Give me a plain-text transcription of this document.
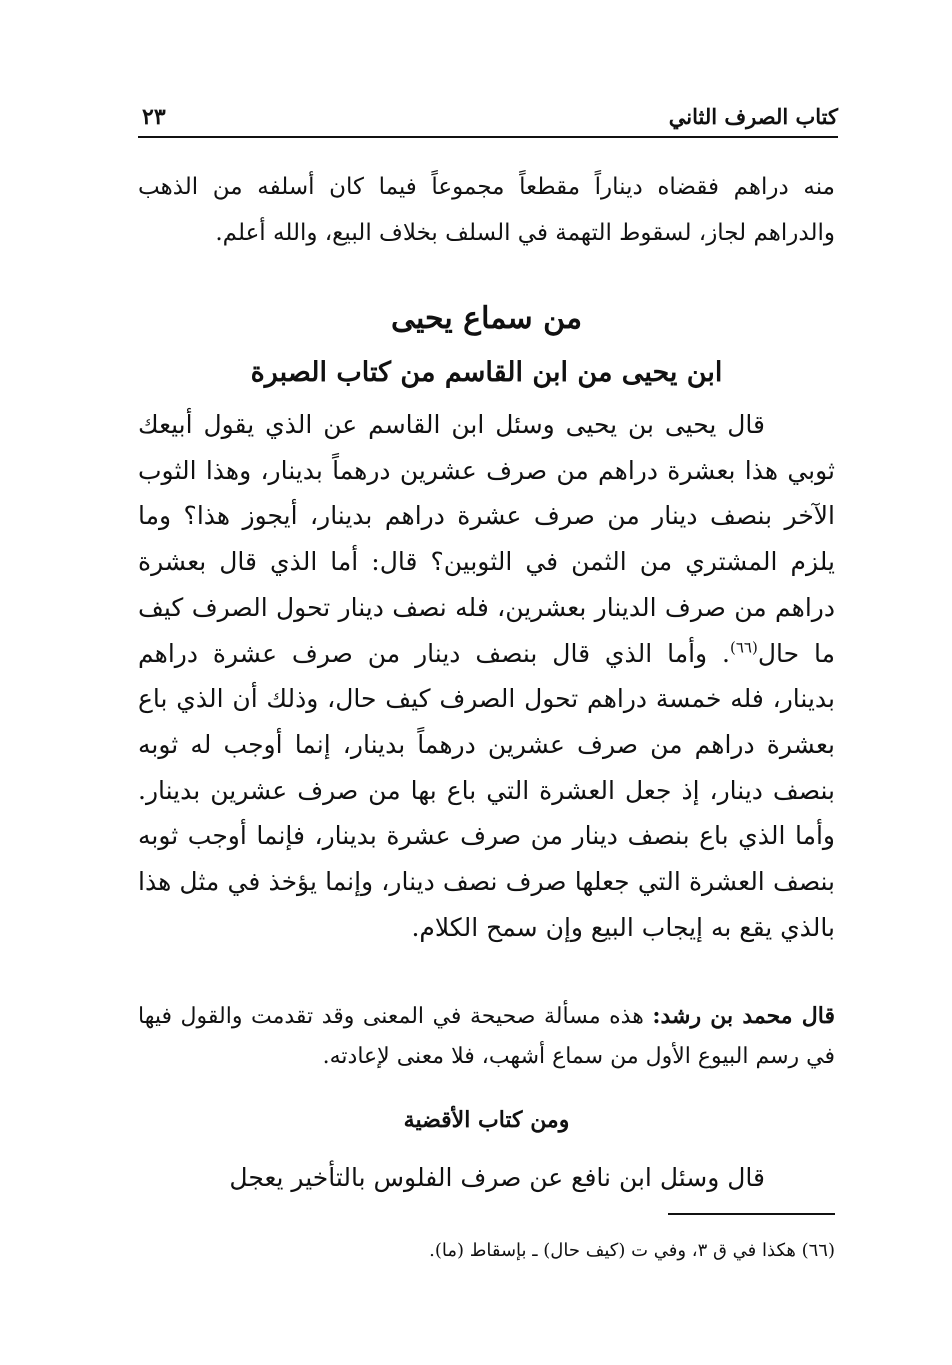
كتاب الصرف الثاني
٢٣

منه دراهم فقضاه ديناراً مقطعاً مجموعاً فيما كان أسلفه من الذهب والدراهم لجاز، لسقوط التهمة في السلف بخلاف البيع، والله أعلم.

من سماع يحيى
ابن يحيى من ابن القاسم من كتاب الصبرة

قال يحيى بن يحيى وسئل ابن القاسم عن الذي يقول أبيعك ثوبي هذا بعشرة دراهم من صرف عشرين درهماً بدينار، وهذا الثوب الآخر بنصف دينار من صرف عشرة دراهم بدينار، أيجوز هذا؟ وما يلزم المشتري من الثمن في الثوبين؟ قال: أما الذي قال بعشرة دراهم من صرف الدينار بعشرين، فله نصف دينار تحول الصرف كيف ما حال$^{(٦٦)}$. وأما الذي قال بنصف دينار من صرف عشرة دراهم بدينار، فله خمسة دراهم تحول الصرف كيف حال، وذلك أن الذي باع بعشرة دراهم من صرف عشرين درهماً بدينار، إنما أوجب له ثوبه بنصف دينار، إذ جعل العشرة التي باع بها من صرف عشرين بدينار. وأما الذي باع بنصف دينار من صرف عشرة بدينار، فإنما أوجب ثوبه بنصف العشرة التي جعلها صرف نصف دينار، وإنما يؤخذ في مثل هذا بالذي يقع به إيجاب البيع وإن سمح الكلام.

قال محمد بن رشد: هذه مسألة صحيحة في المعنى وقد تقدمت والقول فيها في رسم البيوع الأول من سماع أشهب، فلا معنى لإعادته.

ومن كتاب الأقضية

قال وسئل ابن نافع عن صرف الفلوس بالتأخير يعجل

(٦٦) هكذا في ق ٣، وفي ت (كيف حال) ـ بإسقاط (ما).
